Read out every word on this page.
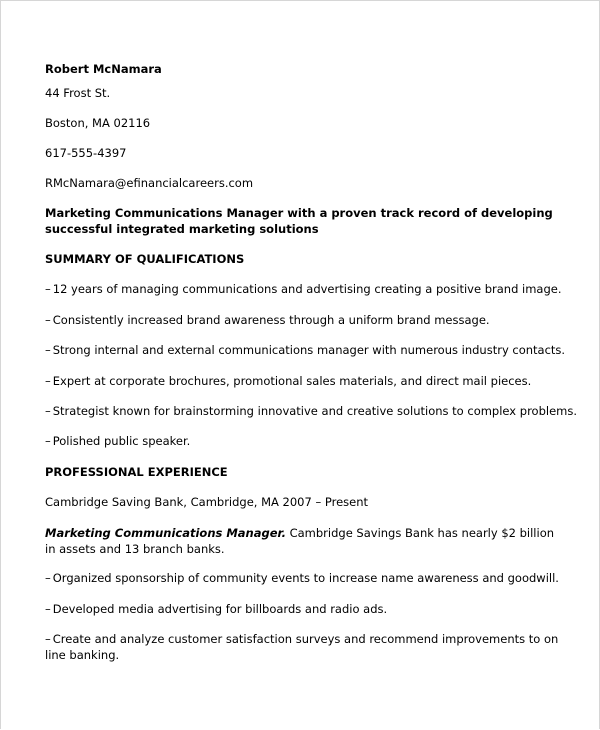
Robert McNamara
44 Frost St.
Boston, MA 02116
617-555-4397
RMcNamara@efinancialcareers.com
Marketing Communications Manager with a proven track record of developing successful integrated marketing solutions
SUMMARY OF QUALIFICATIONS
– 12 years of managing communications and advertising creating a positive brand image.
– Consistently increased brand awareness through a uniform brand message.
– Strong internal and external communications manager with numerous industry contacts.
– Expert at corporate brochures, promotional sales materials, and direct mail pieces.
– Strategist known for brainstorming innovative and creative solutions to complex problems.
– Polished public speaker.
PROFESSIONAL EXPERIENCE
Cambridge Saving Bank, Cambridge, MA 2007 – Present
Marketing Communications Manager. Cambridge Savings Bank has nearly $2 billion in assets and 13 branch banks.
– Organized sponsorship of community events to increase name awareness and goodwill.
– Developed media advertising for billboards and radio ads.
– Create and analyze customer satisfaction surveys and recommend improvements to on line banking.
